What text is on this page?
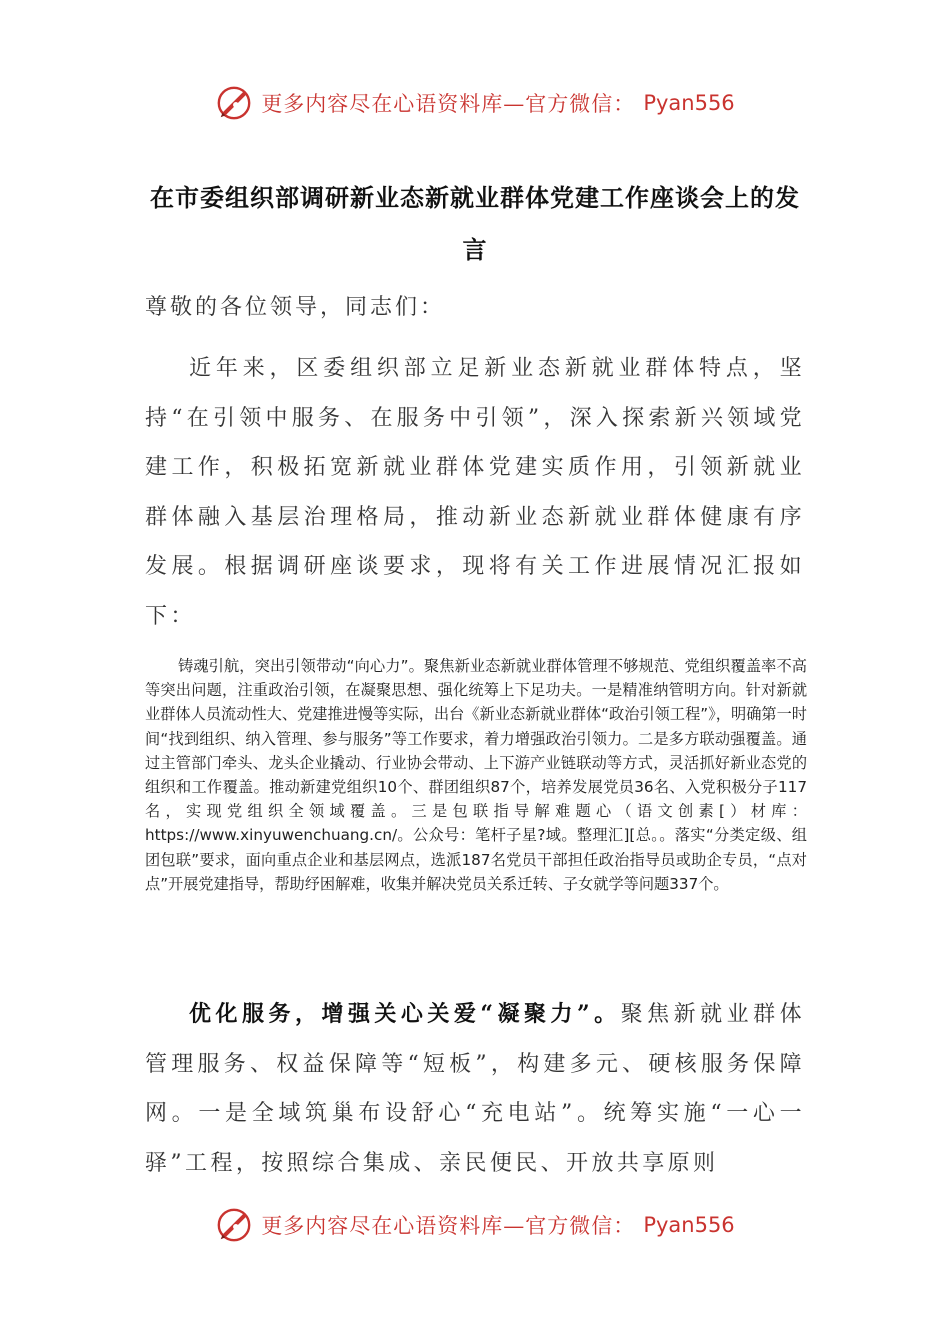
更多内容尽在心语资料库—官方微信： Pyan556
在市委组织部调研新业态新就业群体党建工作座谈会上的发言
尊敬的各位领导，同志们：

近年来，区委组织部立足新业态新就业群体特点，坚持“在引领中服务、在服务中引领”，深入探索新兴领域党建工作，积极拓宽新就业群体党建实质作用，引领新就业群体融入基层治理格局，推动新业态新就业群体健康有序发展。根据调研座谈要求，现将有关工作进展情况汇报如下：

铸魂引航，突出引领带动“向心力”。聚焦新业态新就业群体管理不够规范、党组织覆盖率不高等突出问题，注重政治引领，在凝聚思想、强化统筹上下足功夫。一是精准纳管明方向。针对新就业群体人员流动性大、党建推进慢等实际，出台《新业态新就业群体“政治引领工程”》，明确第一时间“找到组织、纳入管理、参与服务”等工作要求，着力增强政治引领力。二是多方联动强覆盖。通过主管部门牵头、龙头企业撬动、行业协会带动、上下游产业链联动等方式，灵活抓好新业态党的组织和工作覆盖。推动新建党组织10个、群团组织87个，培养发展党员36名、入党积极分子117名，实现党组织全领域覆盖。三是包联指导解难题心（语文创素[）材库：https://www.xinyuwenchuang.cn/。公众号：笔杆子星?域。整理汇][总。。落实“分类定级、组团包联”要求，面向重点企业和基层网点，选派187名党员干部担任政治指导员或助企专员，“点对点”开展党建指导，帮助纾困解难，收集并解决党员关系迁转、子女就学等问题337个。

优化服务，增强关心关爱“凝聚力”。聚焦新就业群体管理服务、权益保障等“短板”，构建多元、硬核服务保障网。一是全域筑巢布设舒心“充电站”。统筹实施“一心一驿”工程，按照综合集成、亲民便民、开放共享原则

更多内容尽在心语资料库—官方微信： Pyan556
